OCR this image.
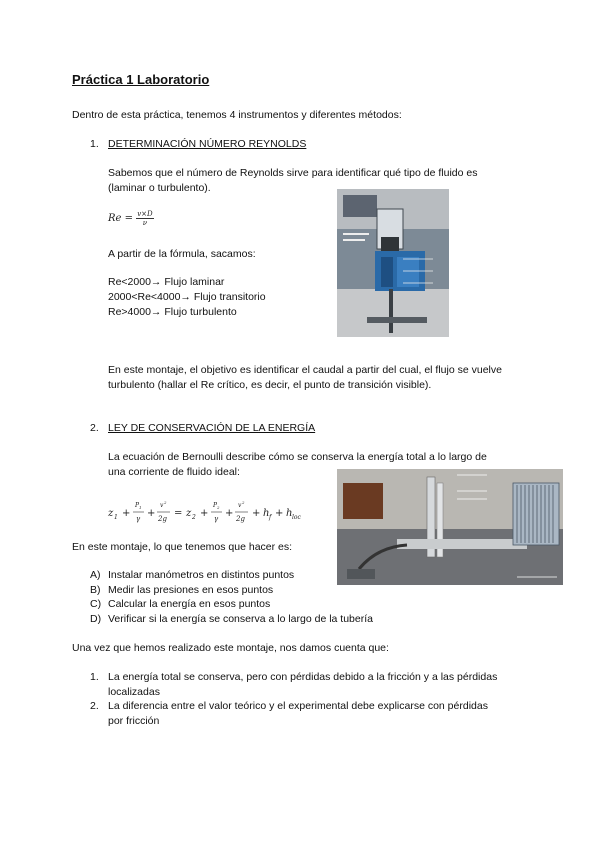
Práctica 1 Laboratorio
Dentro de esta práctica, tenemos 4 instrumentos y diferentes métodos:
1. DETERMINACIÓN NÚMERO REYNOLDS
Sabemos que el número de Reynolds sirve para identificar qué tipo de fluido es
(laminar o turbulento).
$Re = \frac{v\times D}{\nu}$
A partir de la fórmula, sacamos:
Re<2000→ Flujo laminar
2000<Re<4000→ Flujo transitorio
Re>4000→ Flujo turbulento
En este montaje, el objetivo es identificar el caudal a partir del cual, el flujo se vuelve
turbulento (hallar el Re crítico, es decir, el punto de transición visible).
2. LEY DE CONSERVACIÓN DE LA ENERGÍA
La ecuación de Bernoulli describe cómo se conserva la energía total a lo largo de
una corriente de fluido ideal:
z 1 +
P 1
γ +
v 2
2g = z 2 +
P 2
γ +
v 2
2g + h f + h loc
En este montaje, lo que tenemos que hacer es:
A) Instalar manómetros en distintos puntos
B) Medir las presiones en esos puntos
C) Calcular la energía en esos puntos
D) Verificar si la energía se conserva a lo largo de la tubería
Una vez que hemos realizado este montaje, nos damos cuenta que:
1. La energía total se conserva, pero con pérdidas debido a la fricción y a las pérdidas
localizadas
2. La diferencia entre el valor teórico y el experimental debe explicarse con pérdidas
por fricción
